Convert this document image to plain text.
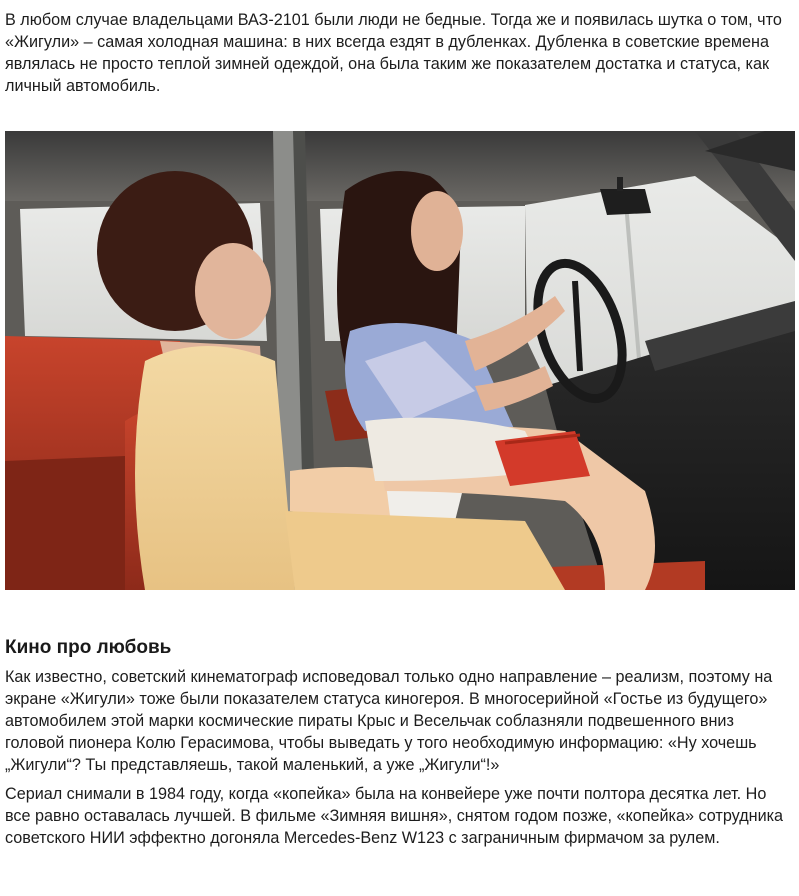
В любом случае владельцами ВАЗ-2101 были люди не бедные. Тогда же и появилась шутка о том, что «Жигули» – самая холодная машина: в них всегда ездят в дубленках. Дубленка в советские времена являлась не просто теплой зимней одеждой, она была таким же показателем достатка и статуса, как личный автомобиль.

Кино про любовь

Как известно, советский кинематограф исповедовал только одно направление – реализм, поэтому на экране «Жигули» тоже были показателем статуса киногероя. В многосерийной «Гостье из будущего» автомобилем этой марки космические пираты Крыс и Весельчак соблазняли подвешенного вниз головой пионера Колю Герасимова, чтобы выведать у того необходимую информацию: «Ну хочешь „Жигули“? Ты представляешь, такой маленький, а уже „Жигули“!»

Сериал снимали в 1984 году, когда «копейка» была на конвейере уже почти полтора десятка лет. Но все равно оставалась лучшей. В фильме «Зимняя вишня», снятом годом позже, «копейка» сотрудника советского НИИ эффектно догоняла Mercedes-Benz W123 с заграничным фирмачом за рулем.
